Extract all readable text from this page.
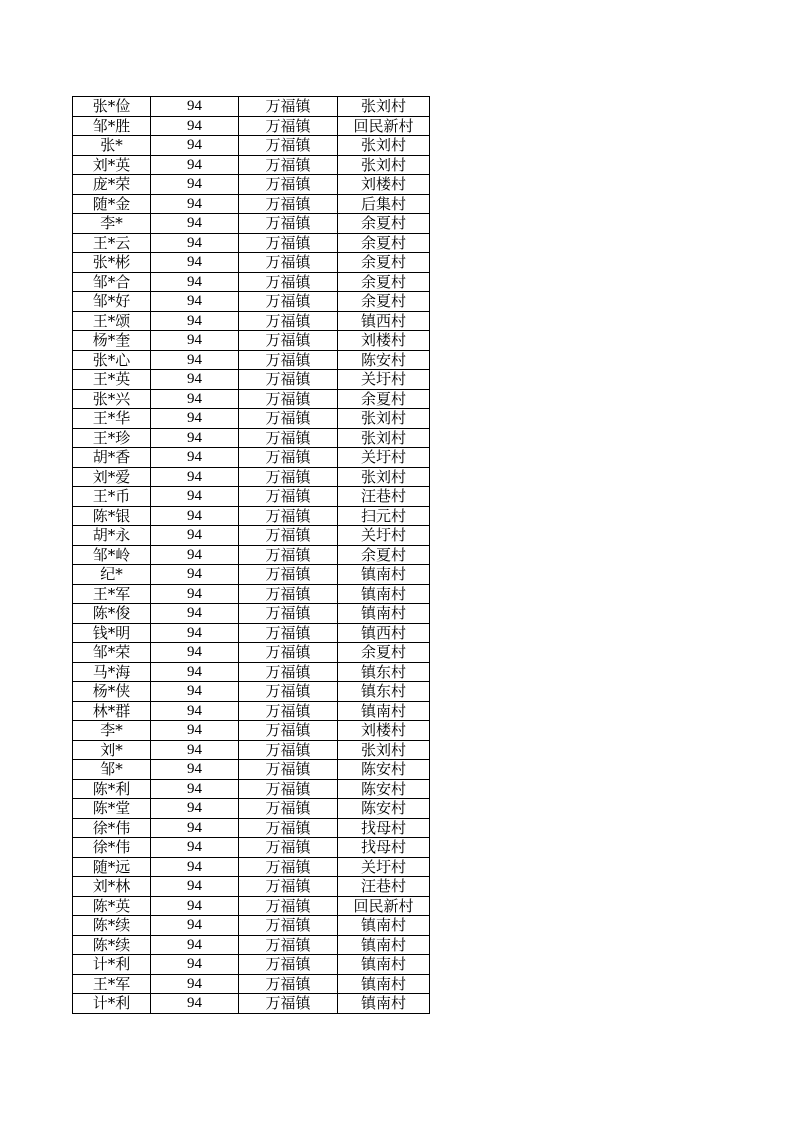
张*俭	94	万福镇	张刘村
邹*胜	94	万福镇	回民新村
张*	94	万福镇	张刘村
刘*英	94	万福镇	张刘村
庞*荣	94	万福镇	刘楼村
随*金	94	万福镇	后集村
李*	94	万福镇	余夏村
王*云	94	万福镇	余夏村
张*彬	94	万福镇	余夏村
邹*合	94	万福镇	余夏村
邹*好	94	万福镇	余夏村
王*颂	94	万福镇	镇西村
杨*奎	94	万福镇	刘楼村
张*心	94	万福镇	陈安村
王*英	94	万福镇	关圩村
张*兴	94	万福镇	余夏村
王*华	94	万福镇	张刘村
王*珍	94	万福镇	张刘村
胡*香	94	万福镇	关圩村
刘*爱	94	万福镇	张刘村
王*币	94	万福镇	汪巷村
陈*银	94	万福镇	扫元村
胡*永	94	万福镇	关圩村
邹*岭	94	万福镇	余夏村
纪*	94	万福镇	镇南村
王*军	94	万福镇	镇南村
陈*俊	94	万福镇	镇南村
钱*明	94	万福镇	镇西村
邹*荣	94	万福镇	余夏村
马*海	94	万福镇	镇东村
杨*侠	94	万福镇	镇东村
林*群	94	万福镇	镇南村
李*	94	万福镇	刘楼村
刘*	94	万福镇	张刘村
邹*	94	万福镇	陈安村
陈*利	94	万福镇	陈安村
陈*堂	94	万福镇	陈安村
徐*伟	94	万福镇	找母村
徐*伟	94	万福镇	找母村
随*远	94	万福镇	关圩村
刘*林	94	万福镇	汪巷村
陈*英	94	万福镇	回民新村
陈*续	94	万福镇	镇南村
陈*续	94	万福镇	镇南村
计*利	94	万福镇	镇南村
王*军	94	万福镇	镇南村
计*利	94	万福镇	镇南村
